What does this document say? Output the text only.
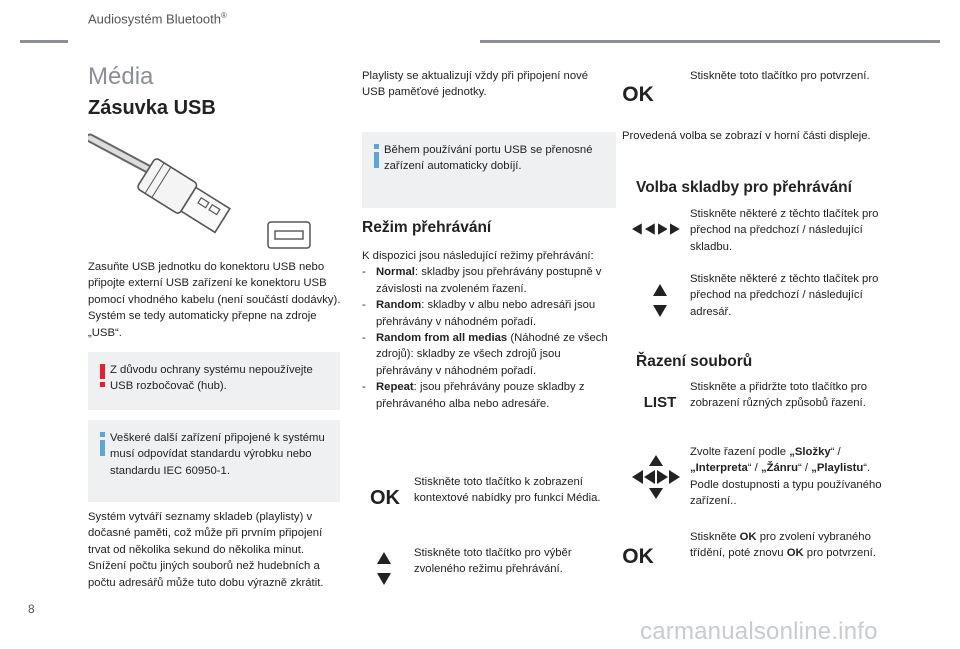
Audiosystém Bluetooth®
Média
Zásuvka USB
Zasuňte USB jednotku do konektoru USB nebo připojte externí USB zařízení ke konektoru USB pomocí vhodného kabelu (není součástí dodávky). Systém se tedy automaticky přepne na zdroje „USB“.
Z důvodu ochrany systému nepoužívejte USB rozbočovač (hub).
Veškeré další zařízení připojené k systému musí odpovídat standardu výrobku nebo standardu IEC 60950-1.
Systém vytváří seznamy skladeb (playlisty) v dočasné paměti, což může při prvním připojení trvat od několika sekund do několika minut.
Snížení počtu jiných souborů než hudebních a počtu adresářů může tuto dobu výrazně zkrátit.
Playlisty se aktualizují vždy při připojení nové USB paměťové jednotky.
Během používání portu USB se přenosné zařízení automaticky dobíjí.
Režim přehrávání
K dispozici jsou následující režimy přehrávání:
- Normal: skladby jsou přehrávány postupně v závislosti na zvoleném řazení.
- Random: skladby v albu nebo adresáři jsou přehrávány v náhodném pořadí.
- Random from all medias (Náhodné ze všech zdrojů): skladby ze všech zdrojů jsou přehrávány v náhodném pořadí.
- Repeat: jsou přehrávány pouze skladby z přehrávaného alba nebo adresáře.
OK
Stiskněte toto tlačítko k zobrazení kontextové nabídky pro funkci Média.
Stiskněte toto tlačítko pro výběr zvoleného režimu přehrávání.
OK
Stiskněte toto tlačítko pro potvrzení.
Provedená volba se zobrazí v horní části displeje.
Volba skladby pro přehrávání
Stiskněte některé z těchto tlačítek pro přechod na předchozí / následující skladbu.
Stiskněte některé z těchto tlačítek pro přechod na předchozí / následující adresář.
Řazení souborů
LIST
Stiskněte a přidržte toto tlačítko pro zobrazení různých způsobů řazení.
Zvolte řazení podle „Složky“ / „Interpreta“ / „Žánru“ / „Playlistu“. Podle dostupnosti a typu používaného zařízení..
OK
Stiskněte OK pro zvolení vybraného třídění, poté znovu OK pro potvrzení.
8
carmanualsonline.info
